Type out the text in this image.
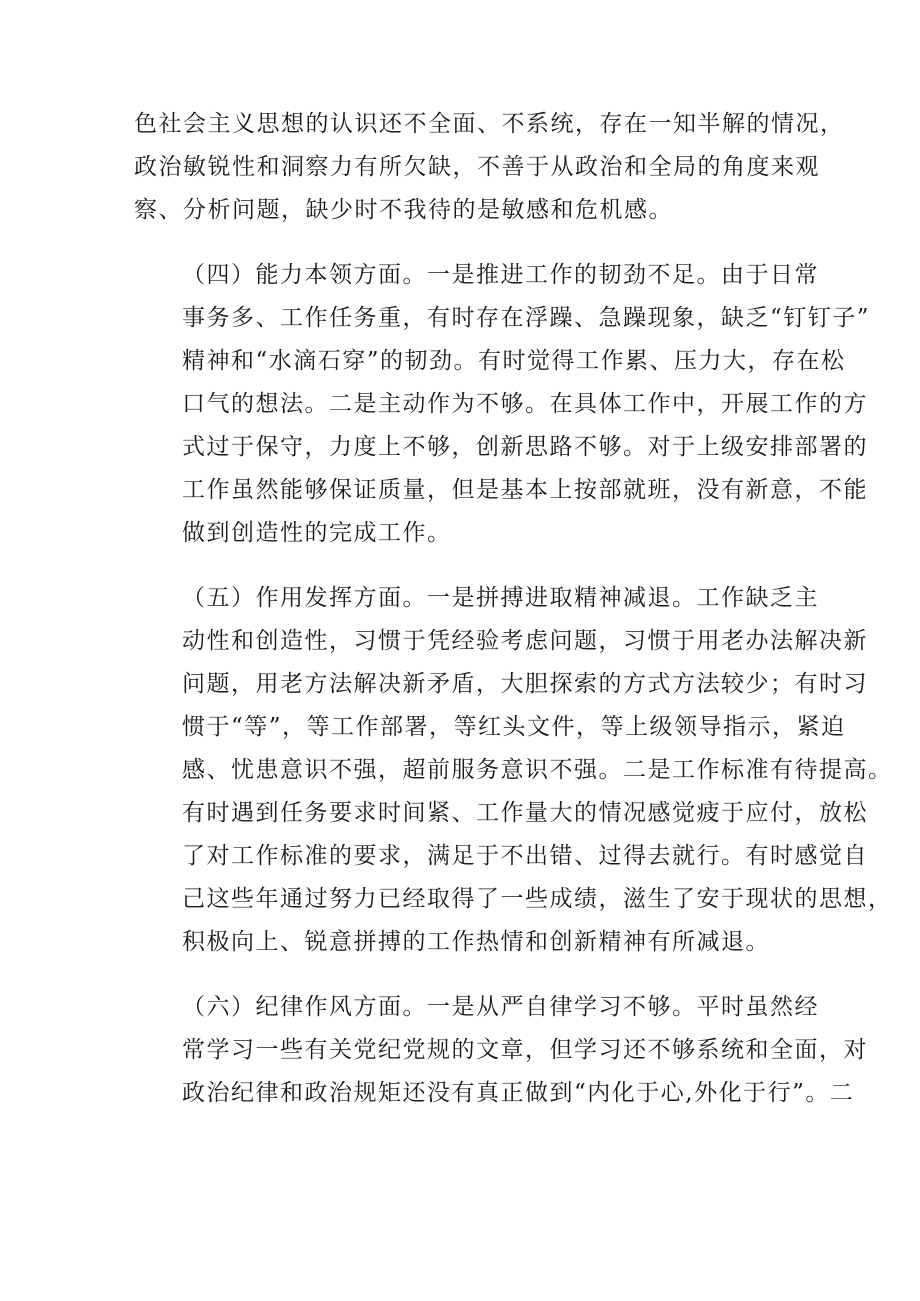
色社会主义思想的认识还不全面、不系统，存在一知半解的情况，
政治敏锐性和洞察力有所欠缺，不善于从政治和全局的角度来观
察、分析问题，缺少时不我待的是敏感和危机感。

（四）能力本领方面。一是推进工作的韧劲不足。由于日常

事务多、工作任务重，有时存在浮躁、急躁现象，缺乏“钉钉子”
精神和“水滴石穿”的韧劲。有时觉得工作累、压力大，存在松
口气的想法。二是主动作为不够。在具体工作中，开展工作的方
式过于保守，力度上不够，创新思路不够。对于上级安排部署的
工作虽然能够保证质量，但是基本上按部就班，没有新意，不能
做到创造性的完成工作。

（五）作用发挥方面。一是拼搏进取精神减退。工作缺乏主

动性和创造性，习惯于凭经验考虑问题，习惯于用老办法解决新
问题，用老方法解决新矛盾，大胆探索的方式方法较少；有时习
惯于“等”，等工作部署，等红头文件，等上级领导指示，紧迫
感、忧患意识不强，超前服务意识不强。二是工作标准有待提高。
有时遇到任务要求时间紧、工作量大的情况感觉疲于应付，放松
了对工作标准的要求，满足于不出错、过得去就行。有时感觉自
己这些年通过努力已经取得了一些成绩，滋生了安于现状的思想，
积极向上、锐意拼搏的工作热情和创新精神有所减退。

（六）纪律作风方面。一是从严自律学习不够。平时虽然经

常学习一些有关党纪党规的文章，但学习还不够系统和全面，对
政治纪律和政治规矩还没有真正做到“内化于心,外化于行”。二
